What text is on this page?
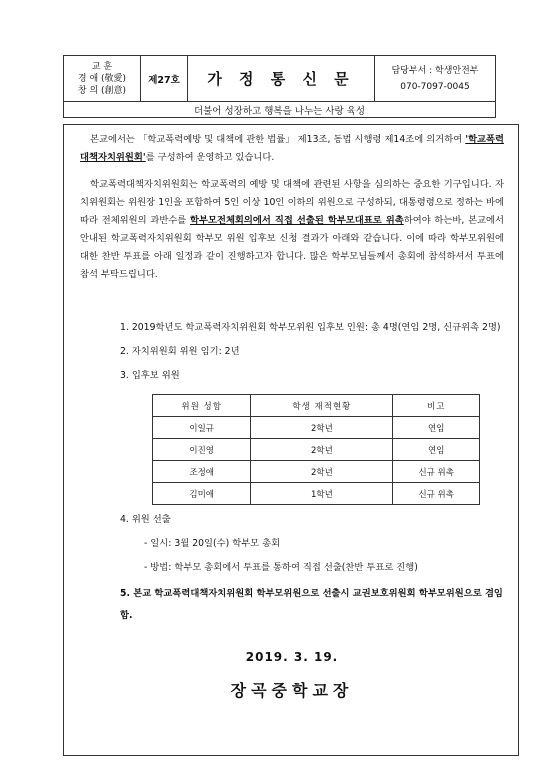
교 훈
경 애 (敬愛)
창 의 (創意)
	제27호	가 정 통 신 문	담당부서 : 학생안전부
070-7097-0045

더불어 성장하고 행복을 나누는 사랑 육성
본교에서는 「학교폭력예방 및 대책에 관한 법률」 제13조, 동법 시행령 제14조에 의거하여 '학교폭력대책자치위원회'를 구성하여 운영하고 있습니다.
학교폭력대책자치위원회는 학교폭력의 예방 및 대책에 관련된 사항을 심의하는 중요한 기구입니다. 자치위원회는 위원장 1인을 포함하여 5인 이상 10인 이하의 위원으로 구성하되, 대통령령으로 정하는 바에 따라 전체위원의 과반수를 학부모전체회의에서 직접 선출된 학부모대표로 위촉하여야 하는바, 본교에서 안내된 학교폭력자치위원회 학부모 위원 입후보 신청 결과가 아래와 같습니다. 이에 따라 학부모위원에 대한 찬반 투표를 아래 일정과 같이 진행하고자 합니다. 많은 학부모님들께서 총회에 참석하셔서 투표에 참석 부탁드립니다.
1. 2019학년도 학교폭력자치위원회 학부모위원 입후보 인원: 총 4명(연임 2명, 신규위촉 2명)
2. 자치위원회 위원 임기: 2년
3. 입후보 위원
위원 성함	학생 재적현황	비고
이일규	2학년	연임
이진영	2학년	연임
조정애	2학년	신규 위촉
김미애	1학년	신규 위촉
4. 위원 선출
- 일시: 3월 20일(수) 학부모 총회
- 방법: 학부모 총회에서 투표를 통하여 직접 선출(찬반 투표로 진행)
5. 본교 학교폭력대책자치위원회 학부모위원으로 선출시 교권보호위원회 학부모위원으로 겸임함.
2019. 3. 19.
장곡중학교장
